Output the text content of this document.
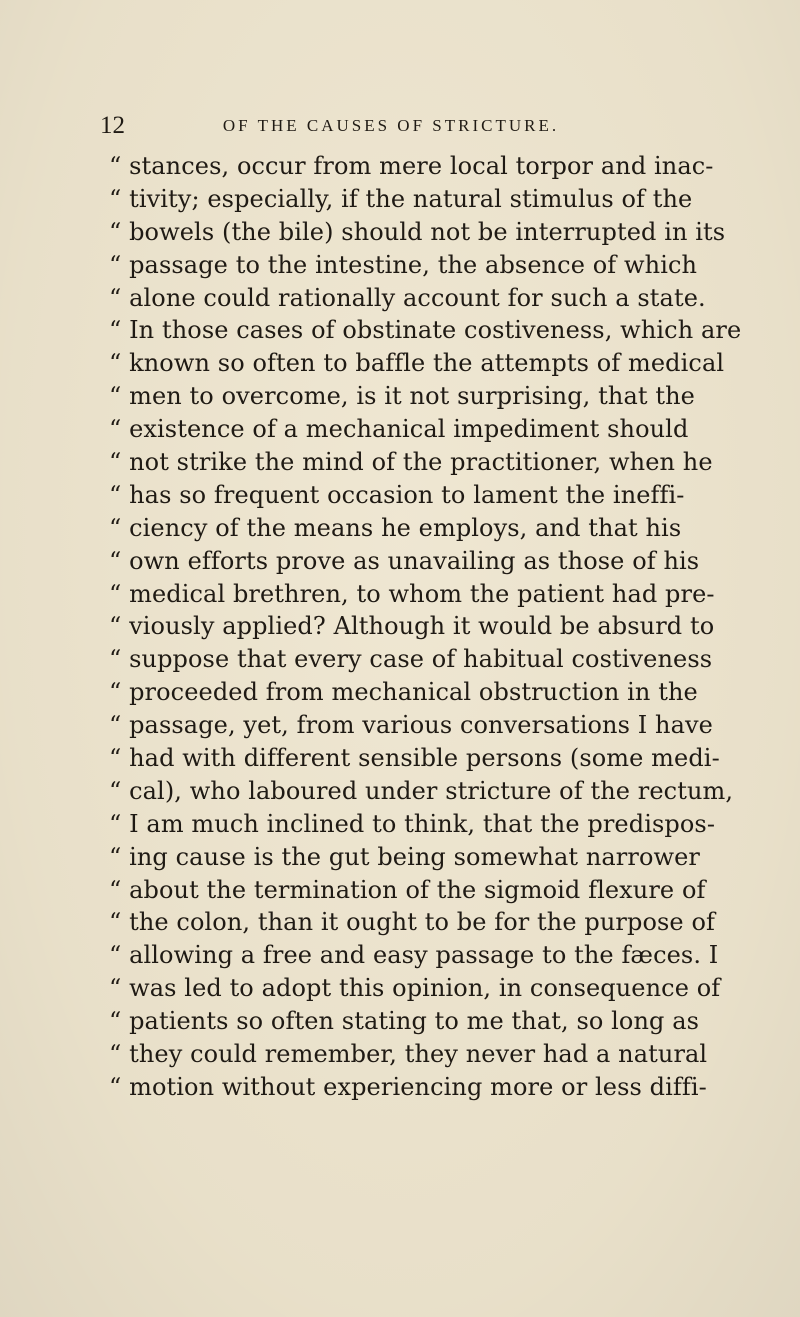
12	OF THE CAUSES OF STRICTURE.
“ stances, occur from mere local torpor and inac-
“ tivity; especially, if the natural stimulus of the
“ bowels (the bile) should not be interrupted in its
“ passage to the intestine, the absence of which
“ alone could rationally account for such a state.
“ In those cases of obstinate costiveness, which are
“ known so often to baffle the attempts of medical
“ men to overcome, is it not surprising, that the
“ existence of a mechanical impediment should
“ not strike the mind of the practitioner, when he
“ has so frequent occasion to lament the ineffi-
“ ciency of the means he employs, and that his
“ own efforts prove as unavailing as those of his
“ medical brethren, to whom the patient had pre-
“ viously applied? Although it would be absurd to
“ suppose that every case of habitual costiveness
“ proceeded from mechanical obstruction in the
“ passage, yet, from various conversations I have
“ had with different sensible persons (some medi-
“ cal), who laboured under stricture of the rectum,
“ I am much inclined to think, that the predispos-
“ ing cause is the gut being somewhat narrower
“ about the termination of the sigmoid flexure of
“ the colon, than it ought to be for the purpose of
“ allowing a free and easy passage to the fæces. I
“ was led to adopt this opinion, in consequence of
“ patients so often stating to me that, so long as
“ they could remember, they never had a natural
“ motion without experiencing more or less diffi-
